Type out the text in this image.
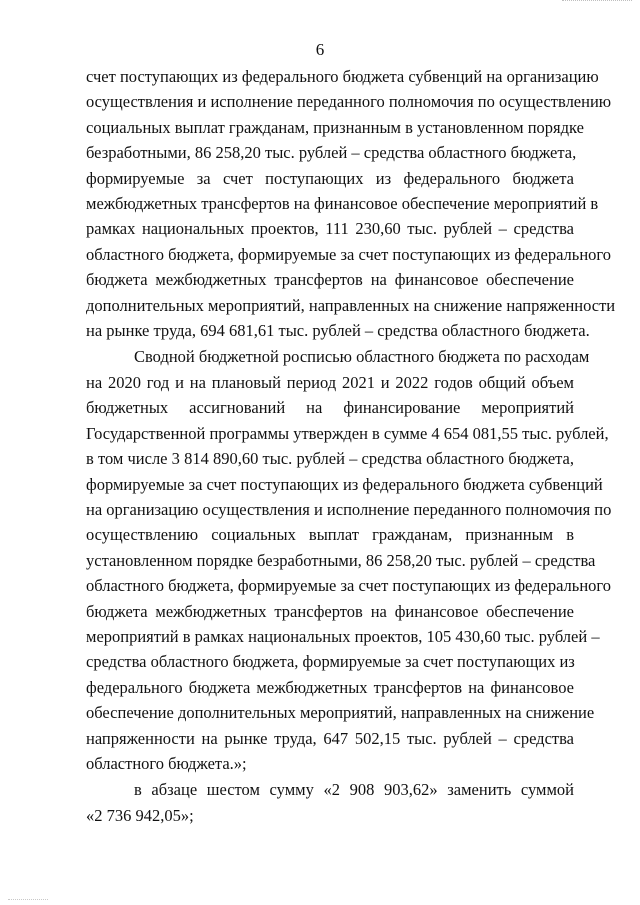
6
счет поступающих из федерального бюджета субвенций на организацию
осуществления и исполнение переданного полномочия по осуществлению
социальных выплат гражданам, признанным в установленном порядке
безработными, 86 258,20 тыс. рублей – средства областного бюджета,
формируемые за счет поступающих из федерального бюджета
межбюджетных трансфертов на финансовое обеспечение мероприятий в
рамках национальных проектов, 111 230,60 тыс. рублей – средства
областного бюджета, формируемые за счет поступающих из федерального
бюджета межбюджетных трансфертов на финансовое обеспечение
дополнительных мероприятий, направленных на снижение напряженности
на рынке труда, 694 681,61 тыс. рублей – средства областного бюджета.
Сводной бюджетной росписью областного бюджета по расходам
на 2020 год и на плановый период 2021 и 2022 годов общий объем
бюджетных ассигнований на финансирование мероприятий
Государственной программы утвержден в сумме 4 654 081,55 тыс. рублей,
в том числе 3 814 890,60 тыс. рублей – средства областного бюджета,
формируемые за счет поступающих из федерального бюджета субвенций
на организацию осуществления и исполнение переданного полномочия по
осуществлению социальных выплат гражданам, признанным в
установленном порядке безработными, 86 258,20 тыс. рублей – средства
областного бюджета, формируемые за счет поступающих из федерального
бюджета межбюджетных трансфертов на финансовое обеспечение
мероприятий в рамках национальных проектов, 105 430,60 тыс. рублей –
средства областного бюджета, формируемые за счет поступающих из
федерального бюджета межбюджетных трансфертов на финансовое
обеспечение дополнительных мероприятий, направленных на снижение
напряженности на рынке труда, 647 502,15 тыс. рублей – средства
областного бюджета.»;
в абзаце шестом сумму «2 908 903,62» заменить суммой
«2 736 942,05»;
